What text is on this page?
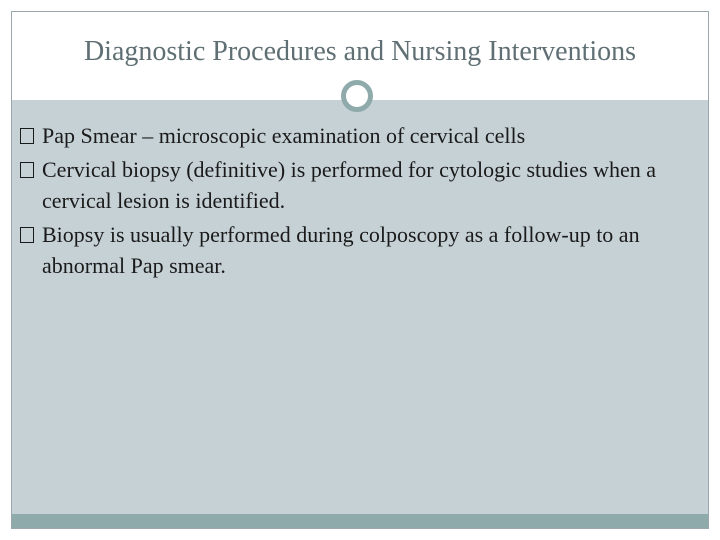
Diagnostic Procedures and Nursing Interventions
Pap Smear – microscopic examination of cervical cells
Cervical biopsy (definitive) is performed for cytologic studies when a cervical lesion is identified.
Biopsy is usually performed during colposcopy as a follow-up to an abnormal Pap smear.
